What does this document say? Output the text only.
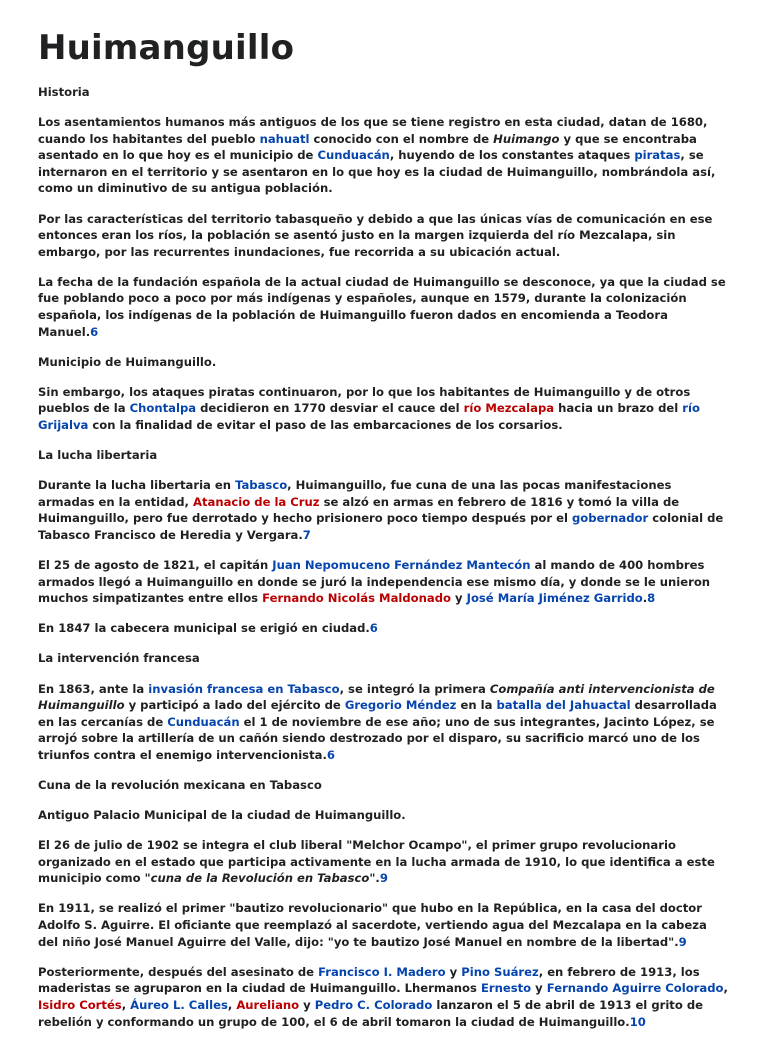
Huimanguillo

Historia

Los asentamientos humanos más antiguos de los que se tiene registro en esta ciudad, datan de 1680, cuando los habitantes del pueblo nahuatl conocido con el nombre de Huimango y que se encontraba asentado en lo que hoy es el municipio de Cunduacán, huyendo de los constantes ataques piratas, se internaron en el territorio y se asentaron en lo que hoy es la ciudad de Huimanguillo, nombrándola así, como un diminutivo de su antigua población.

Por las características del territorio tabasqueño y debido a que las únicas vías de comunicación en ese entonces eran los ríos, la población se asentó justo en la margen izquierda del río Mezcalapa, sin embargo, por las recurrentes inundaciones, fue recorrida a su ubicación actual.

La fecha de la fundación española de la actual ciudad de Huimanguillo se desconoce, ya que la ciudad se fue poblando poco a poco por más indígenas y españoles, aunque en 1579, durante la colonización española, los indígenas de la población de Huimanguillo fueron dados en encomienda a Teodora Manuel.6

Municipio de Huimanguillo.

Sin embargo, los ataques piratas continuaron, por lo que los habitantes de Huimanguillo y de otros pueblos de la Chontalpa decidieron en 1770 desviar el cauce del río Mezcalapa hacia un brazo del río Grijalva con la finalidad de evitar el paso de las embarcaciones de los corsarios.

La lucha libertaria

Durante la lucha libertaria en Tabasco, Huimanguillo, fue cuna de una las pocas manifestaciones armadas en la entidad, Atanacio de la Cruz se alzó en armas en febrero de 1816 y tomó la villa de Huimanguillo, pero fue derrotado y hecho prisionero poco tiempo después por el gobernador colonial de Tabasco Francisco de Heredia y Vergara.7

El 25 de agosto de 1821, el capitán Juan Nepomuceno Fernández Mantecón al mando de 400 hombres armados llegó a Huimanguillo en donde se juró la independencia ese mismo día, y donde se le unieron muchos simpatizantes entre ellos Fernando Nicolás Maldonado y José María Jiménez Garrido.8

En 1847 la cabecera municipal se erigió en ciudad.6

La intervención francesa

En 1863, ante la invasión francesa en Tabasco, se integró la primera Compañía anti intervencionista de Huimanguillo y participó a lado del ejército de Gregorio Méndez en la batalla del Jahuactal desarrollada en las cercanías de Cunduacán el 1 de noviembre de ese año; uno de sus integrantes, Jacinto López, se arrojó sobre la artillería de un cañón siendo destrozado por el disparo, su sacrificio marcó uno de los triunfos contra el enemigo intervencionista.6

Cuna de la revolución mexicana en Tabasco

Antiguo Palacio Municipal de la ciudad de Huimanguillo.

El 26 de julio de 1902 se integra el club liberal "Melchor Ocampo", el primer grupo revolucionario organizado en el estado que participa activamente en la lucha armada de 1910, lo que identifica a este municipio como "cuna de la Revolución en Tabasco".9

En 1911, se realizó el primer "bautizo revolucionario" que hubo en la República, en la casa del doctor Adolfo S. Aguirre. El oficiante que reemplazó al sacerdote, vertiendo agua del Mezcalapa en la cabeza del niño José Manuel Aguirre del Valle, dijo: "yo te bautizo José Manuel en nombre de la libertad".9

Posteriormente, después del asesinato de Francisco I. Madero y Pino Suárez, en febrero de 1913, los maderistas se agruparon en la ciudad de Huimanguillo. Lhermanos Ernesto y Fernando Aguirre Colorado, Isidro Cortés, Áureo L. Calles, Aureliano y Pedro C. Colorado lanzaron el 5 de abril de 1913 el grito de rebelión y conformando un grupo de 100, el 6 de abril tomaron la ciudad de Huimanguillo.10
